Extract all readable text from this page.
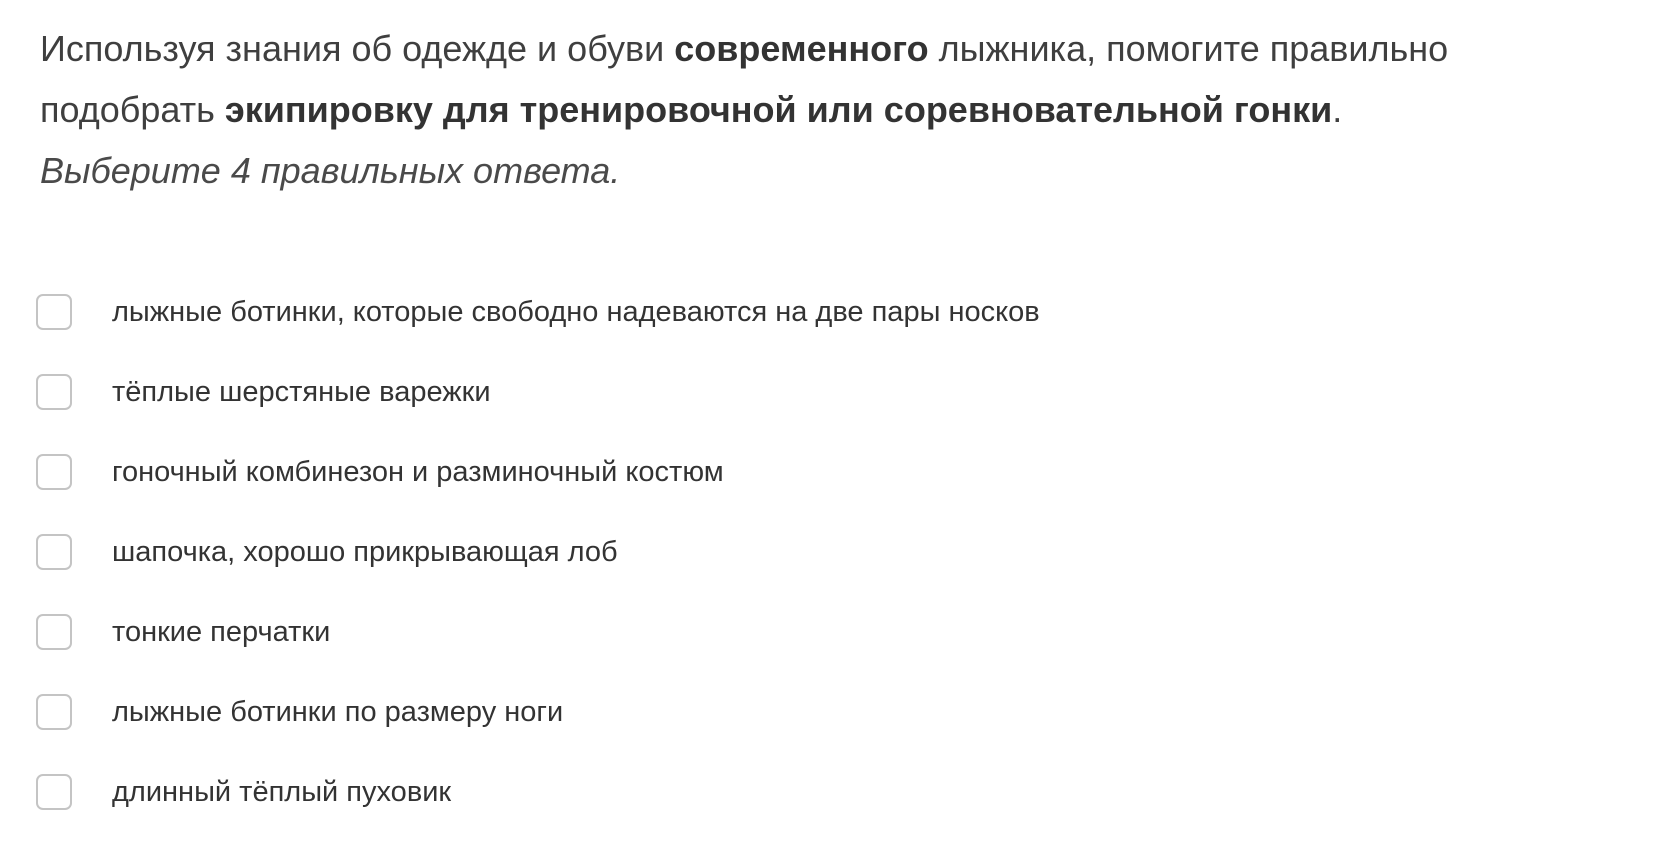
Используя знания об одежде и обуви современного лыжника, помогите правильно
подобрать экипировку для тренировочной или соревновательной гонки.
Выберите 4 правильных ответа.
лыжные ботинки, которые свободно надеваются на две пары носков
тёплые шерстяные варежки
гоночный комбинезон и разминочный костюм
шапочка, хорошо прикрывающая лоб
тонкие перчатки
лыжные ботинки по размеру ноги
длинный тёплый пуховик
